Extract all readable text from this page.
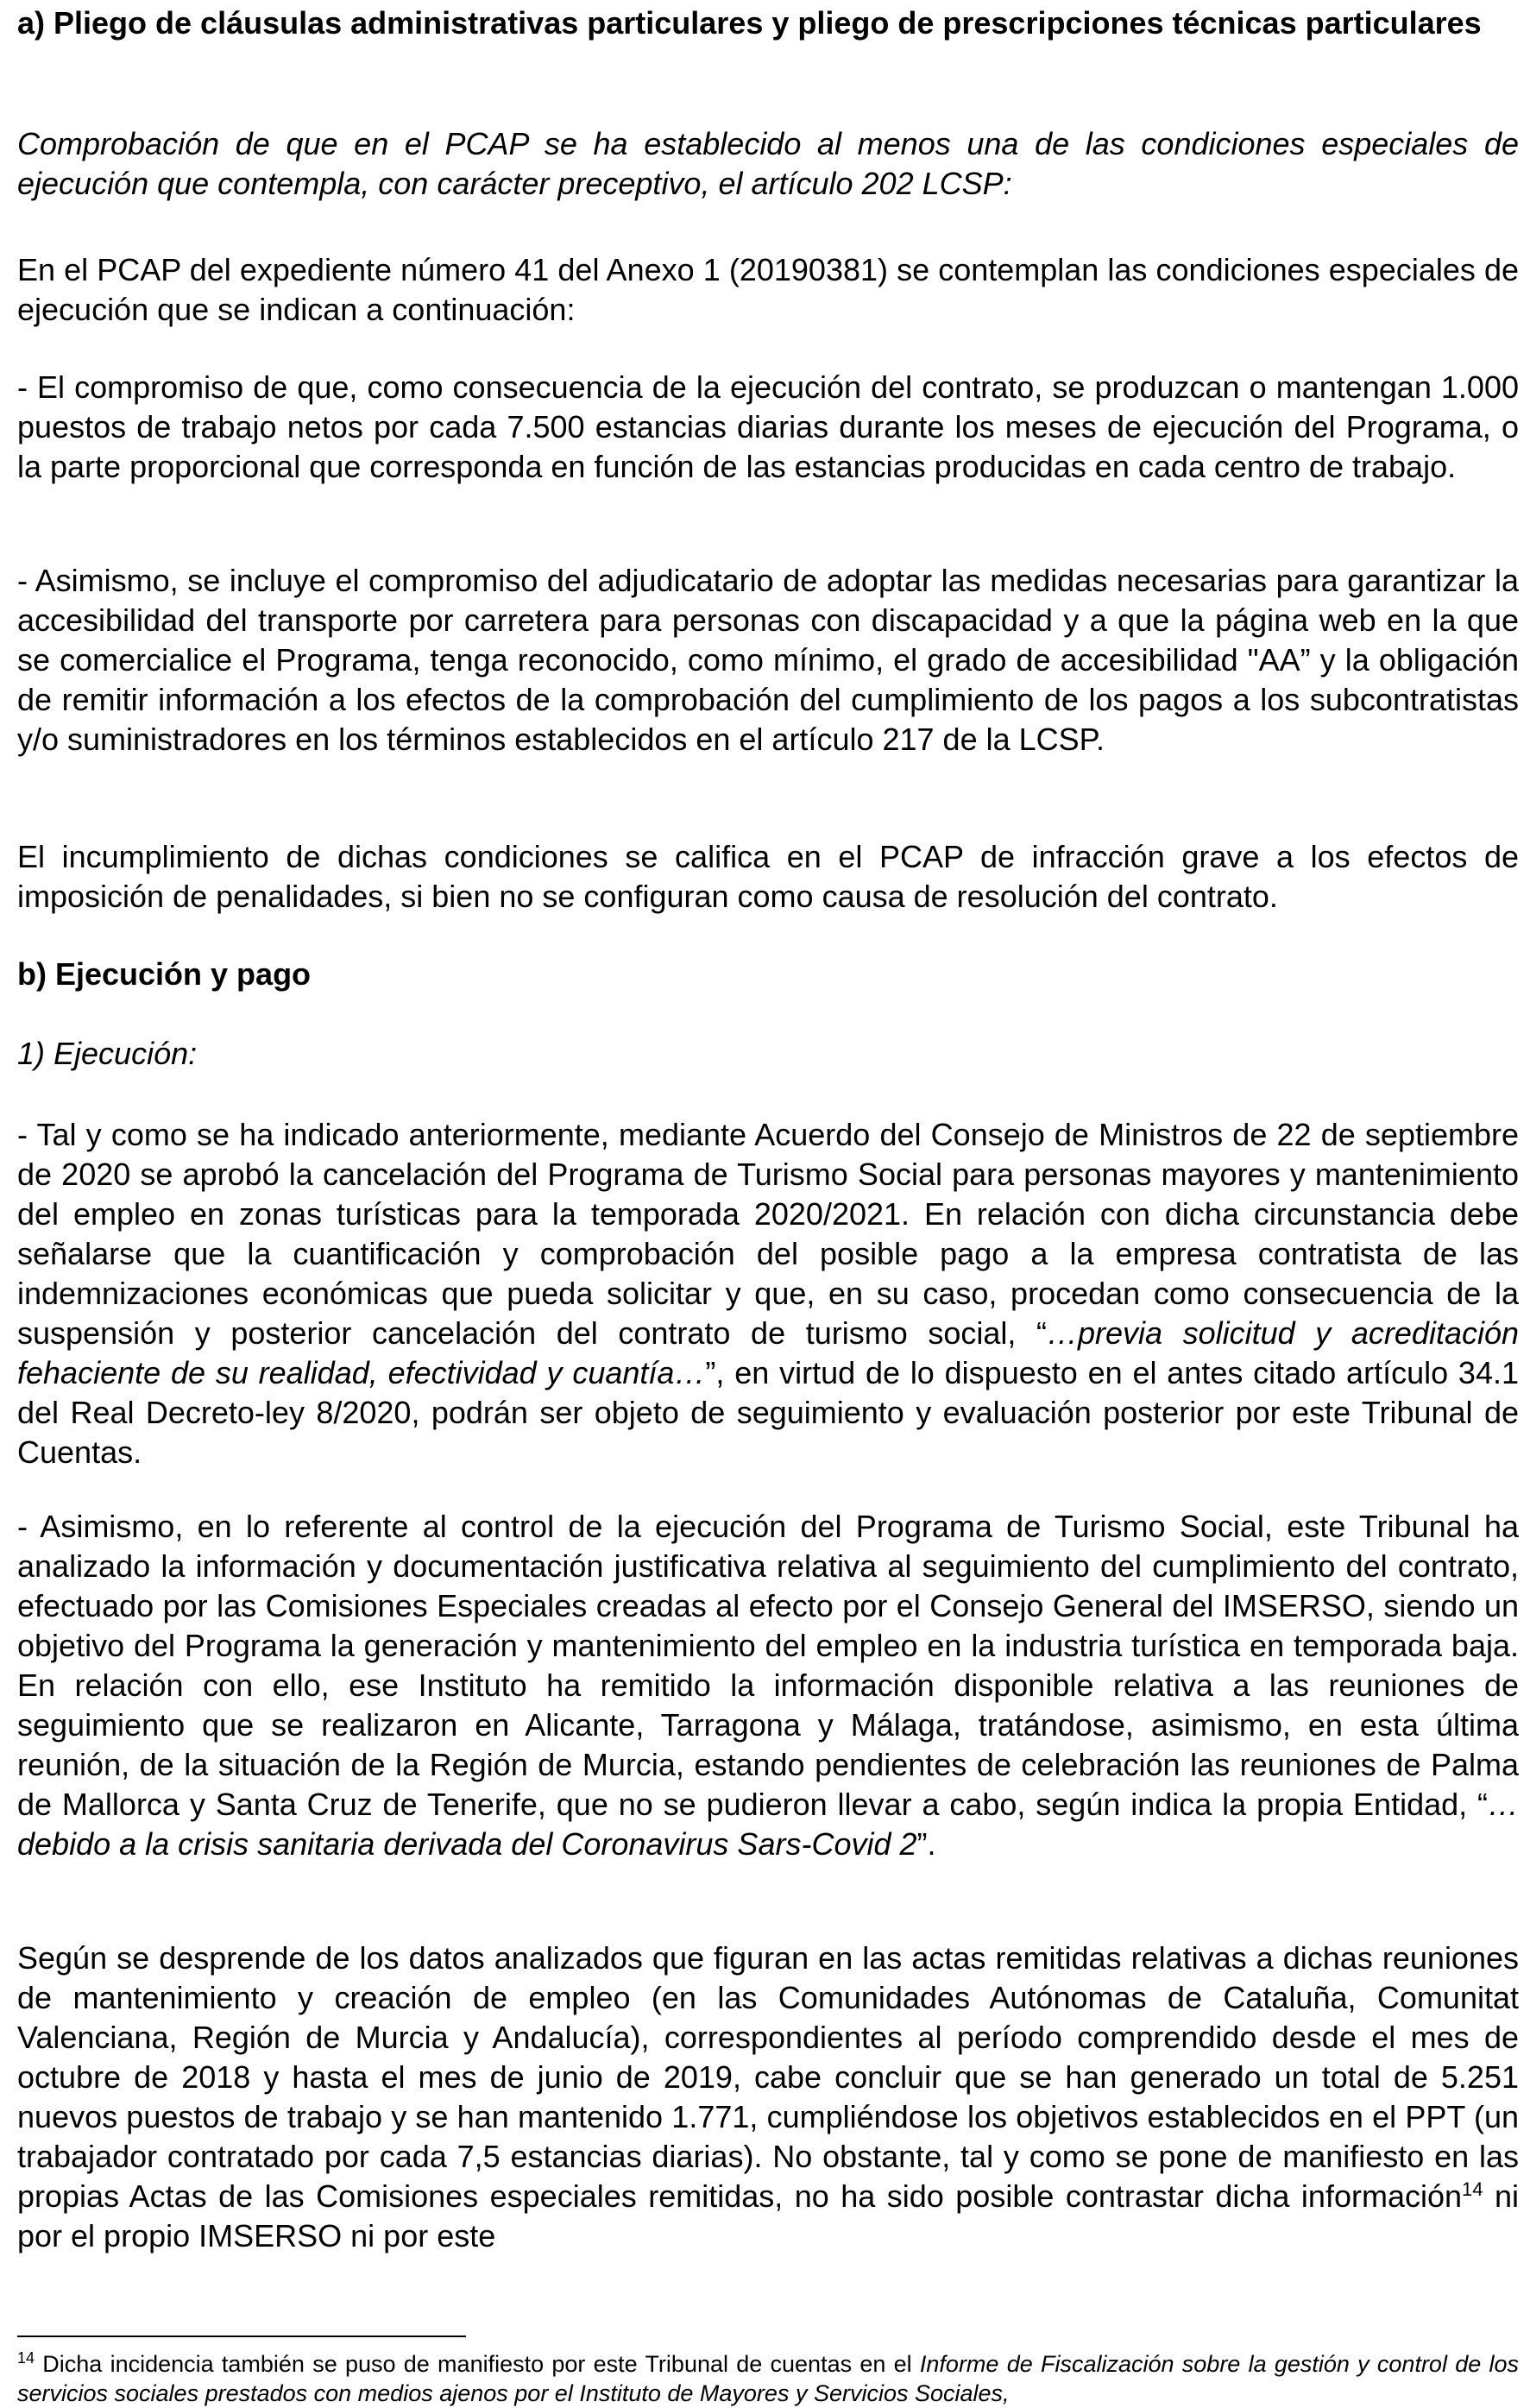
a) Pliego de cláusulas administrativas particulares y pliego de prescripciones técnicas particulares

Comprobación de que en el PCAP se ha establecido al menos una de las condiciones especiales de ejecución que contempla, con carácter preceptivo, el artículo 202 LCSP:

En el PCAP del expediente número 41 del Anexo 1 (20190381) se contemplan las condiciones especiales de ejecución que se indican a continuación:

- El compromiso de que, como consecuencia de la ejecución del contrato, se produzcan o mantengan 1.000 puestos de trabajo netos por cada 7.500 estancias diarias durante los meses de ejecución del Programa, o la parte proporcional que corresponda en función de las estancias producidas en cada centro de trabajo.

- Asimismo, se incluye el compromiso del adjudicatario de adoptar las medidas necesarias para garantizar la accesibilidad del transporte por carretera para personas con discapacidad y a que la página web en la que se comercialice el Programa, tenga reconocido, como mínimo, el grado de accesibilidad "AA” y la obligación de remitir información a los efectos de la comprobación del cumplimiento de los pagos a los subcontratistas y/o suministradores en los términos establecidos en el artículo 217 de la LCSP.

El incumplimiento de dichas condiciones se califica en el PCAP de infracción grave a los efectos de imposición de penalidades, si bien no se configuran como causa de resolución del contrato.

b) Ejecución y pago

1) Ejecución:

- Tal y como se ha indicado anteriormente, mediante Acuerdo del Consejo de Ministros de 22 de septiembre de 2020 se aprobó la cancelación del Programa de Turismo Social para personas mayores y mantenimiento del empleo en zonas turísticas para la temporada 2020/2021. En relación con dicha circunstancia debe señalarse que la cuantificación y comprobación del posible pago a la empresa contratista de las indemnizaciones económicas que pueda solicitar y que, en su caso, procedan como consecuencia de la suspensión y posterior cancelación del contrato de turismo social, “…previa solicitud y acreditación fehaciente de su realidad, efectividad y cuantía…”, en virtud de lo dispuesto en el antes citado artículo 34.1 del Real Decreto-ley 8/2020, podrán ser objeto de seguimiento y evaluación posterior por este Tribunal de Cuentas.

- Asimismo, en lo referente al control de la ejecución del Programa de Turismo Social, este Tribunal ha analizado la información y documentación justificativa relativa al seguimiento del cumplimiento del contrato, efectuado por las Comisiones Especiales creadas al efecto por el Consejo General del IMSERSO, siendo un objetivo del Programa la generación y mantenimiento del empleo en la industria turística en temporada baja. En relación con ello, ese Instituto ha remitido la información disponible relativa a las reuniones de seguimiento que se realizaron en Alicante, Tarragona y Málaga, tratándose, asimismo, en esta última reunión, de la situación de la Región de Murcia, estando pendientes de celebración las reuniones de Palma de Mallorca y Santa Cruz de Tenerife, que no se pudieron llevar a cabo, según indica la propia Entidad, “…debido a la crisis sanitaria derivada del Coronavirus Sars-Covid 2”.

Según se desprende de los datos analizados que figuran en las actas remitidas relativas a dichas reuniones de mantenimiento y creación de empleo (en las Comunidades Autónomas de Cataluña, Comunitat Valenciana, Región de Murcia y Andalucía), correspondientes al período comprendido desde el mes de octubre de 2018 y hasta el mes de junio de 2019, cabe concluir que se han generado un total de 5.251 nuevos puestos de trabajo y se han mantenido 1.771, cumpliéndose los objetivos establecidos en el PPT (un trabajador contratado por cada 7,5 estancias diarias). No obstante, tal y como se pone de manifiesto en las propias Actas de las Comisiones especiales remitidas, no ha sido posible contrastar dicha información$^{14}$ ni por el propio IMSERSO ni por este

$^{14}$ Dicha incidencia también se puso de manifiesto por este Tribunal de cuentas en el Informe de Fiscalización sobre la gestión y control de los servicios sociales prestados con medios ajenos por el Instituto de Mayores y Servicios Sociales,
